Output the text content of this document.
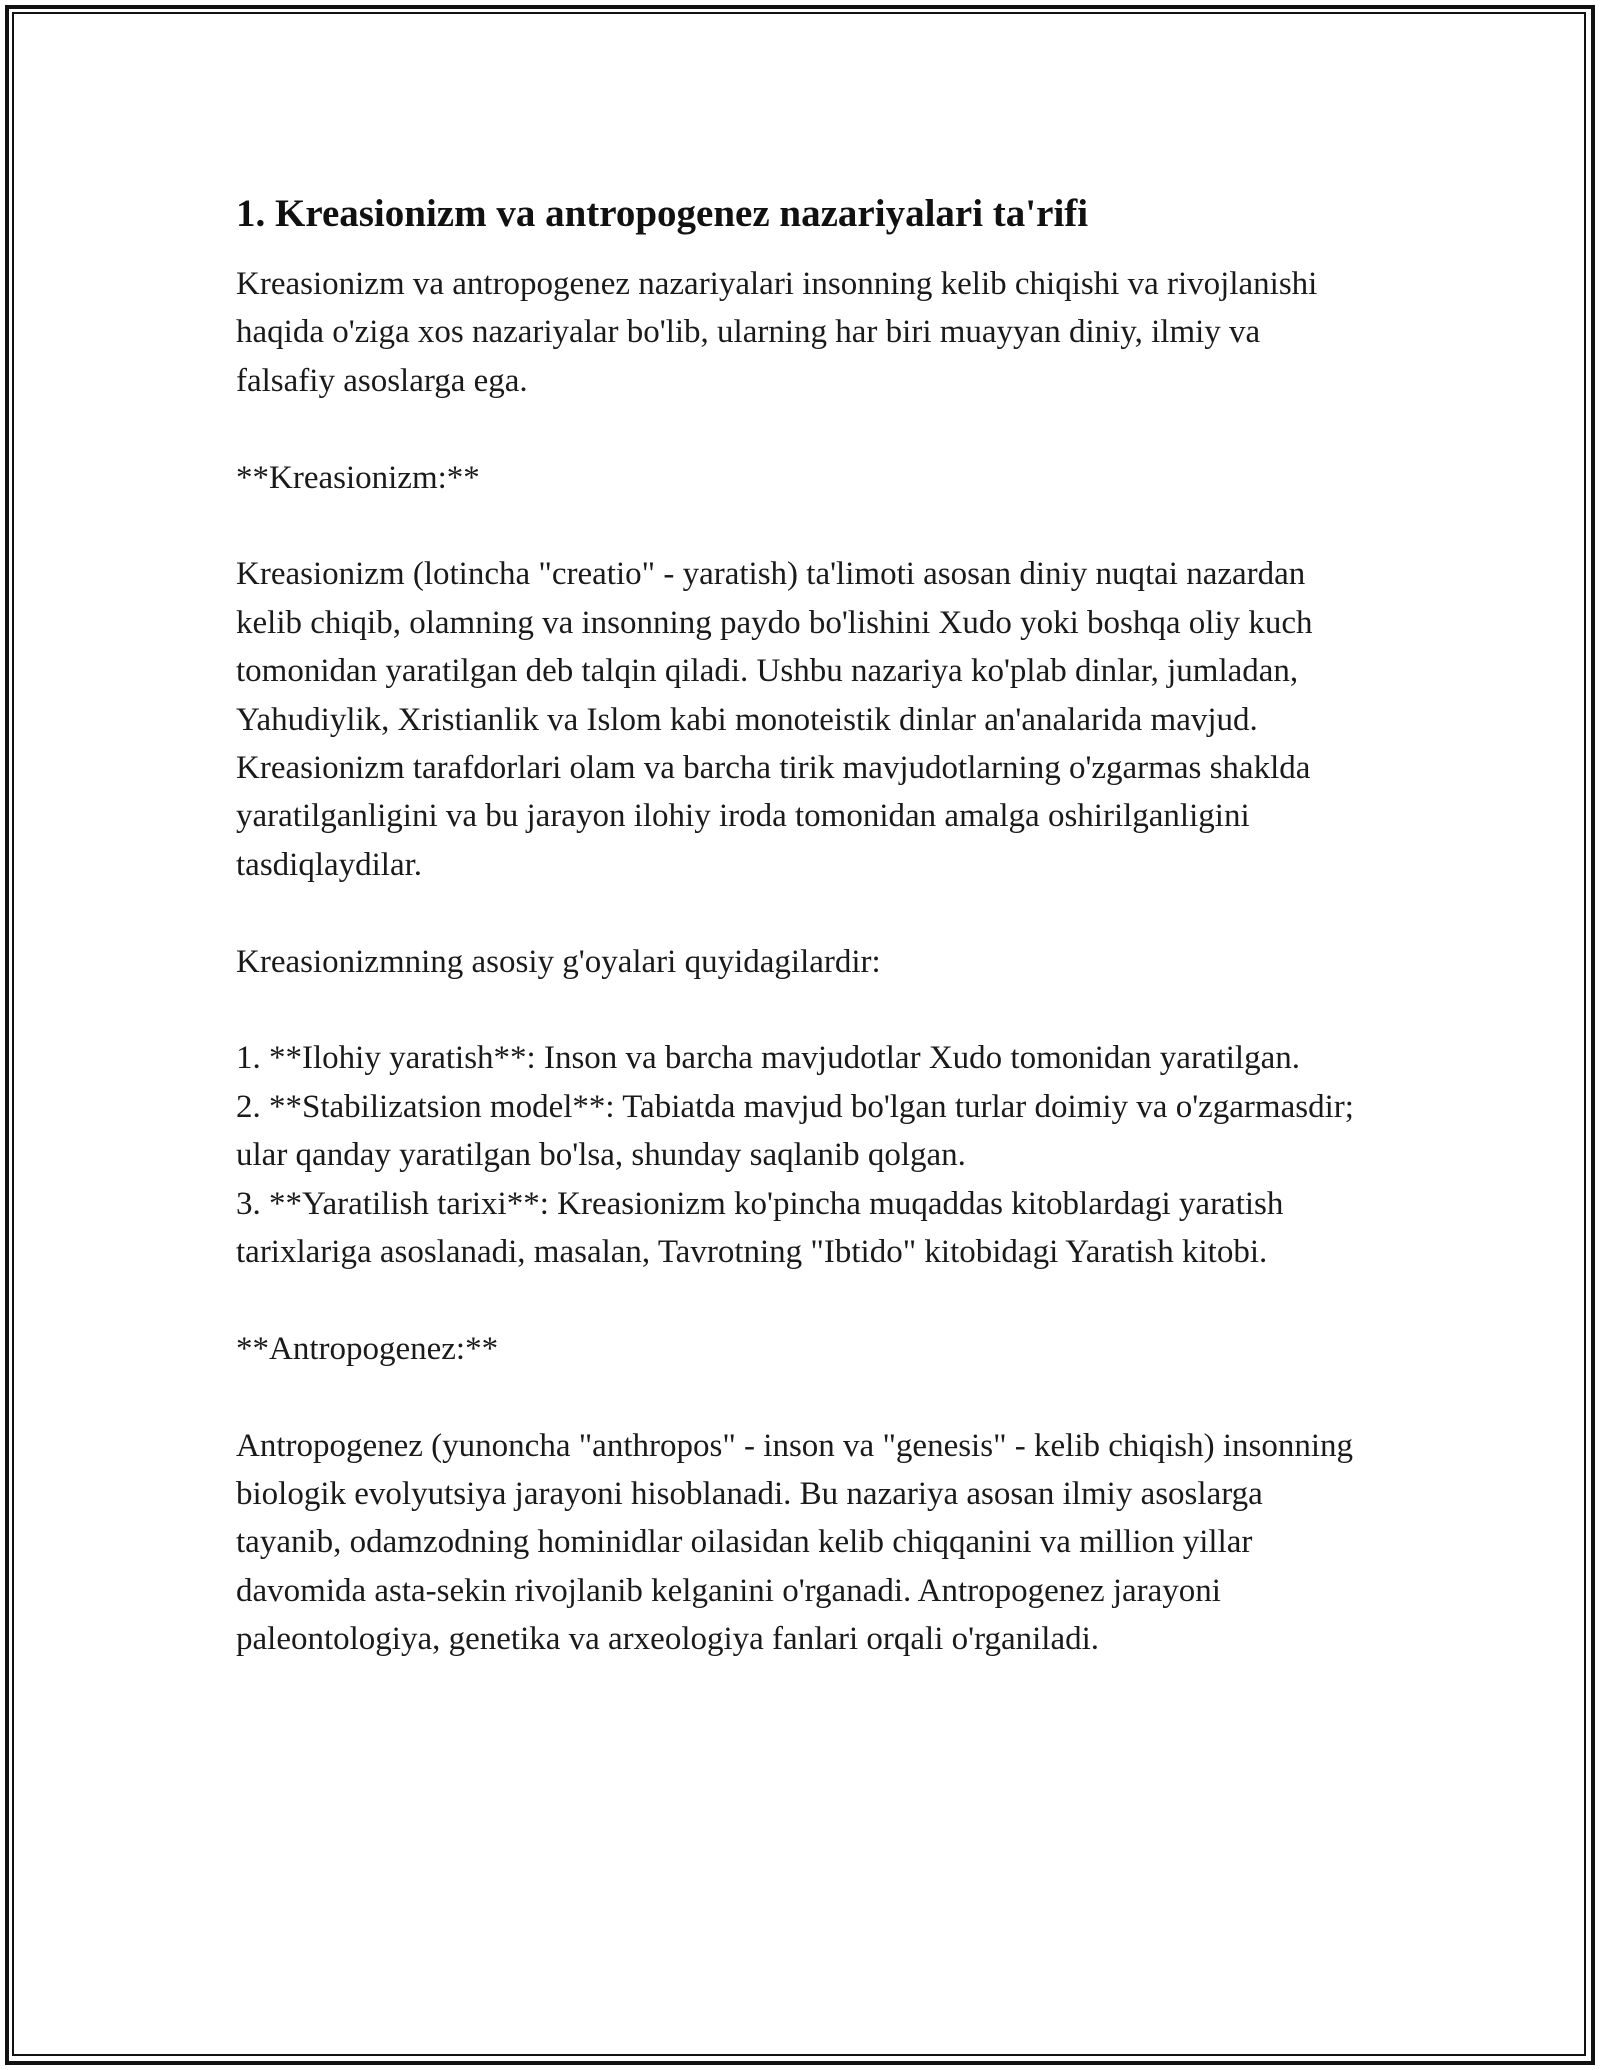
1. Kreasionizm va antropogenez nazariyalari ta'rifi

Kreasionizm va antropogenez nazariyalari insonning kelib chiqishi va rivojlanishi haqida o'ziga xos nazariyalar bo'lib, ularning har biri muayyan diniy, ilmiy va falsafiy asoslarga ega.

**Kreasionizm:**

Kreasionizm (lotincha "creatio" - yaratish) ta'limoti asosan diniy nuqtai nazardan kelib chiqib, olamning va insonning paydo bo'lishini Xudo yoki boshqa oliy kuch tomonidan yaratilgan deb talqin qiladi. Ushbu nazariya ko'plab dinlar, jumladan, Yahudiylik, Xristianlik va Islom kabi monoteistik dinlar an'analarida mavjud. Kreasionizm tarafdorlari olam va barcha tirik mavjudotlarning o'zgarmas shaklda yaratilganligini va bu jarayon ilohiy iroda tomonidan amalga oshirilganligini tasdiqlaydilar.

Kreasionizmning asosiy g'oyalari quyidagilardir:

1. **Ilohiy yaratish**: Inson va barcha mavjudotlar Xudo tomonidan yaratilgan.

2. **Stabilizatsion model**: Tabiatda mavjud bo'lgan turlar doimiy va o'zgarmasdir; ular qanday yaratilgan bo'lsa, shunday saqlanib qolgan.

3. **Yaratilish tarixi**: Kreasionizm ko'pincha muqaddas kitoblardagi yaratish tarixlariga asoslanadi, masalan, Tavrotning "Ibtido" kitobidagi Yaratish kitobi.

**Antropogenez:**

Antropogenez (yunoncha "anthropos" - inson va "genesis" - kelib chiqish) insonning biologik evolyutsiya jarayoni hisoblanadi. Bu nazariya asosan ilmiy asoslarga tayanib, odamzodning hominidlar oilasidan kelib chiqqanini va million yillar davomida asta-sekin rivojlanib kelganini o'rganadi. Antropogenez jarayoni paleontologiya, genetika va arxeologiya fanlari orqali o'rganiladi.
